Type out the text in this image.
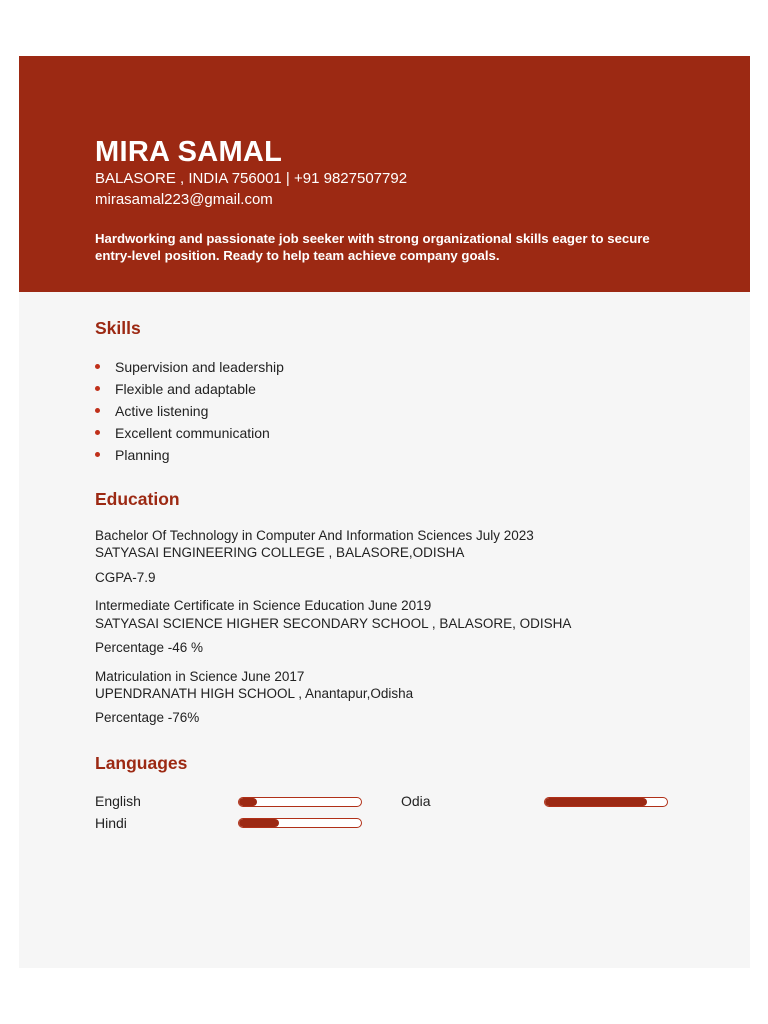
MIRA SAMAL
BALASORE , INDIA 756001 | +91 9827507792
mirasamal223@gmail.com
Hardworking and passionate job seeker with strong organizational skills eager to secure entry-level position. Ready to help team achieve company goals.
Skills
Supervision and leadership
Flexible and adaptable
Active listening
Excellent communication
Planning
Education
Bachelor Of Technology in Computer And Information Sciences July 2023
SATYASAI ENGINEERING COLLEGE , BALASORE,ODISHA
CGPA-7.9
Intermediate Certificate in Science Education June 2019
SATYASAI SCIENCE HIGHER SECONDARY SCHOOL , BALASORE, ODISHA
Percentage -46 %
Matriculation in Science June 2017
UPENDRANATH HIGH SCHOOL , Anantapur,Odisha
Percentage -76%
Languages
English
Hindi
Odia
